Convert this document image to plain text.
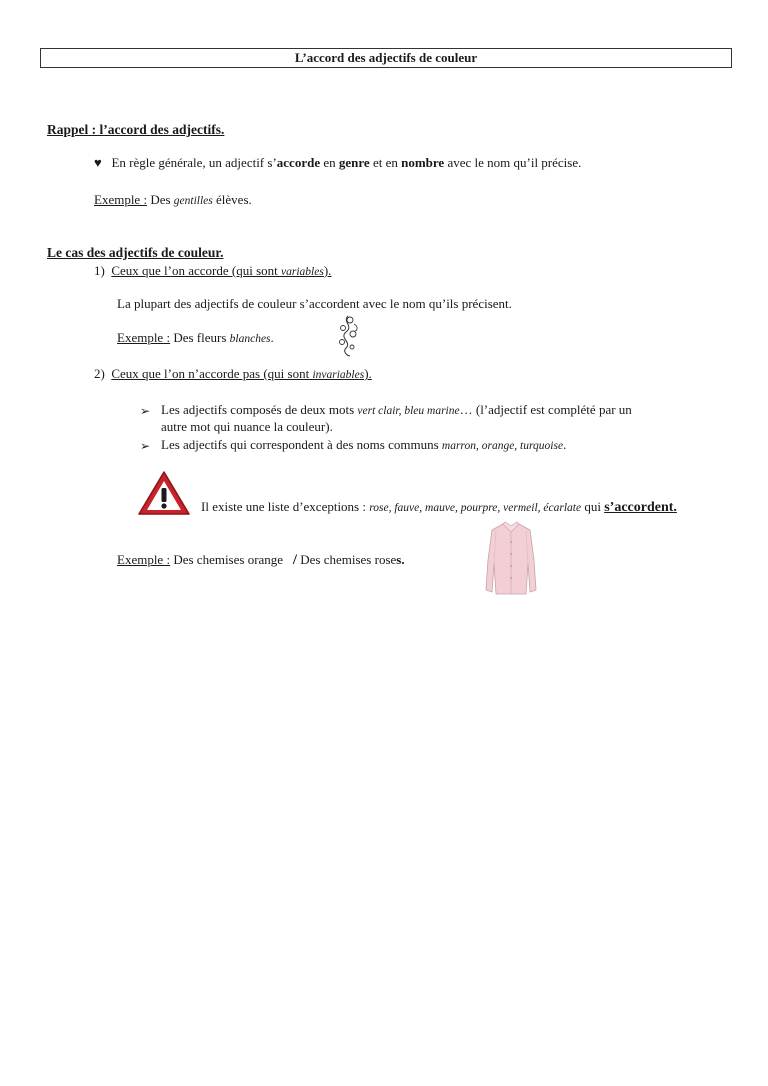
L’accord des adjectifs de couleur
Rappel : l’accord des adjectifs.
♥ En règle générale, un adjectif s’accorde en genre et en nombre avec le nom qu’il précise.
Exemple : Des gentilles élèves.
Le cas des adjectifs de couleur.
1) Ceux que l’on accorde (qui sont variables).
La plupart des adjectifs de couleur s’accordent avec le nom qu’ils précisent.
Exemple : Des fleurs blanches.
2) Ceux que l’on n’accorde pas (qui sont invariables).
➢ Les adjectifs composés de deux mots vert clair, bleu marine… (l’adjectif est complété par un
autre mot qui nuance la couleur).
➢ Les adjectifs qui correspondent à des noms communs marron, orange, turquoise.
Il existe une liste d’exceptions : rose, fauve, mauve, pourpre, vermeil, écarlate qui s’accordent.
Exemple : Des chemises orange / Des chemises roses.
